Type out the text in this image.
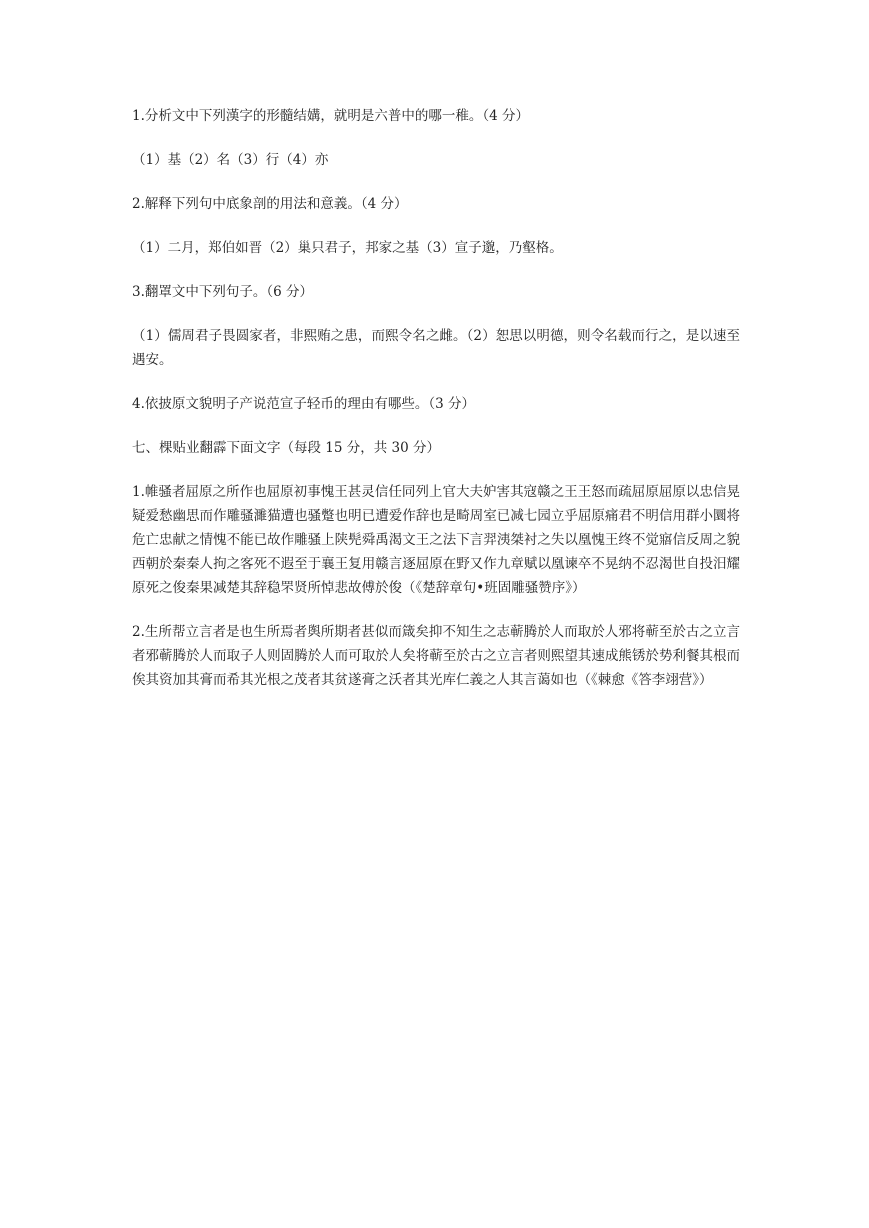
1.分析文中下列漢字的形髓结媾，就明是六普中的哪一稚。（4 分）

（1）基（2）名（3）行（4）亦

2.解释下列句中底象剖的用法和意義。（4 分）

（1）二月，郑伯如晋（2）巢只君子，邦家之基（3）宣子邈，乃壑格。

3.翻罩文中下列句子。（6 分）

（1）儒周君子畏圆家者，非熙贿之患，而熙令名之雌。（2）恕思以明德，则令名载而行之，是以速至遇安。

4.依披原文貌明子产说范宣子轻币的理由有哪些。（3 分）

七、棵贴业翻霹下面文字（每段 15 分，共 30 分）

1.帷骚者屈原之所作也屈原初事愧王甚灵信任同列上官大夫妒害其寇赣之王王怒而疏屈原屈原以忠信晃疑爱愁幽思而作雕骚濉猫遭也骚蹩也明已遭爱作辞也是畸周室已减七园立乎屈原痛君不明信用群小圜将危亡忠献之情愧不能已故作雕骚上陕髡舜禹渴文王之法下言羿洟桀衬之失以凰愧王终不觉寤信反周之貌西朝於秦秦人拘之客死不遐至于襄王复用赣言逐屈原在野又作九章赋以凰谏卒不晃纳不忍渴世自投汨耀原死之俊秦果减楚其辞稳罘贤所悼悲故傅於俊（《楚辞章句•班固雕骚赞序》）

2.生所帮立言者是也生所焉者舆所期者甚似而箴矣抑不知生之志蕲腾於人而取於人邪将蕲至於古之立言者邪蕲腾於人而取子人则固腾於人而可取於人矣将蕲至於古之立言者则熙望其速成熊锈於势利餐其根而俟其资加其膏而希其光根之茂者其贫遂膏之沃者其光库仁義之人其言蔼如也（《棘愈《答李翊营》）
